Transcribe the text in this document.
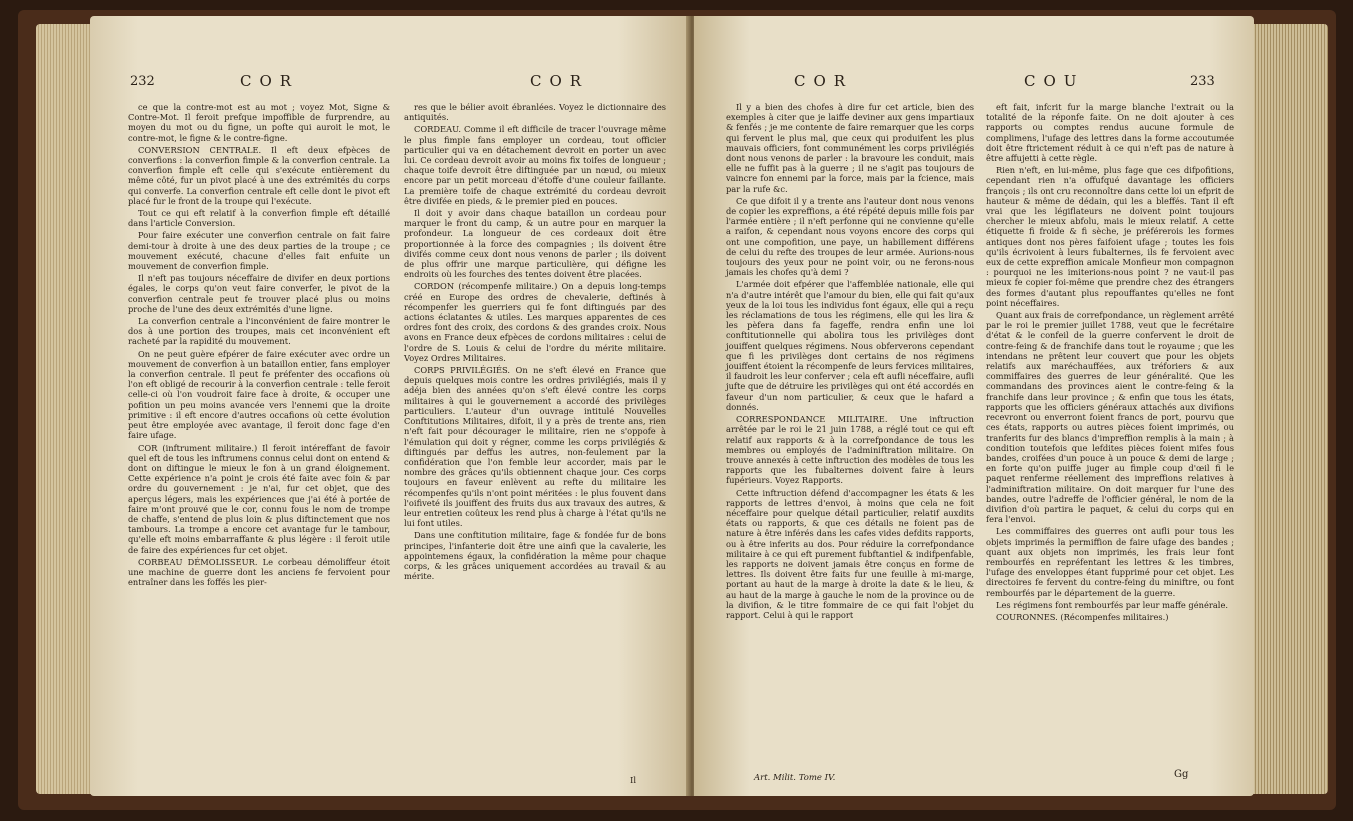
232	COR	COR

ce que la contre-mot est au mot ; voyez Mot, Signe & Contre-Mot. Il feroit prefque impoffible de furprendre, au moyen du mot ou du figne, un pofte qui auroit le mot, le contre-mot, le figne & le contre-figne.

CONVERSION CENTRALE. Il eft deux efpèces de converfions : la converfion fimple & la converfion centrale. La converfion fimple eft celle qui s'exécute entièrement du même côté, fur un pivot placé à une des extrémités du corps qui converfe. La converfion centrale eft celle dont le pivot eft placé fur le front de la troupe qui l'exécute.

Tout ce qui eft relatif à la converfion fimple eft détaillé dans l'article Conversion.

Pour faire exécuter une converfion centrale on fait faire demi-tour à droite à une des deux parties de la troupe ; ce mouvement exécuté, chacune d'elles fait enfuite un mouvement de converfion fimple.

Il n'eft pas toujours néceffaire de divifer en deux portions égales, le corps qu'on veut faire converfer, le pivot de la converfion centrale peut fe trouver placé plus ou moins proche de l'une des deux extrémités d'une ligne.

La converfion centrale a l'inconvénient de faire montrer le dos à une portion des troupes, mais cet inconvénient eft racheté par la rapidité du mouvement.

On ne peut guère efpérer de faire exécuter avec ordre un mouvement de converfion à un bataillon entier, fans employer la converfion centrale. Il peut fe préfenter des occafions où l'on eft obligé de recourir à la converfion centrale : telle feroit celle-ci où l'on voudroit faire face à droite, & occuper une pofition un peu moins avancée vers l'ennemi que la droite primitive : il eft encore d'autres occafions où cette évolution peut être employée avec avantage, il feroit donc fage d'en faire ufage.

COR (inftrument militaire.) Il feroit intéreffant de favoir quel eft de tous les inftrumens connus celui dont on entend & dont on diftingue le mieux le fon à un grand éloignement. Cette expérience n'a point je crois été faite avec foin & par ordre du gouvernement : je n'ai, fur cet objet, que des aperçus légers, mais les expériences que j'ai été à portée de faire m'ont prouvé que le cor, connu fous le nom de trompe de chaffe, s'entend de plus loin & plus diftinctement que nos tambours. La trompe a encore cet avantage fur le tambour, qu'elle eft moins embarraffante & plus légère : il feroit utile de faire des expériences fur cet objet.

CORBEAU DÉMOLISSEUR. Le corbeau démoliffeur étoit une machine de guerre dont les anciens fe fervoient pour entraîner dans les foffés les pier-

res que le bélier avoit ébranlées. Voyez le dictionnaire des antiquités.

CORDEAU. Comme il eft difficile de tracer l'ouvrage même le plus fimple fans employer un cordeau, tout officier particulier qui va en détachement devroit en porter un avec lui. Ce cordeau devroit avoir au moins fix toifes de longueur ; chaque toife devroit être diftinguée par un nœud, ou mieux encore par un petit morceau d'étoffe d'une couleur faillante. La première toife de chaque extrémité du cordeau devroit être divifée en pieds, & le premier pied en pouces.

Il doit y avoir dans chaque bataillon un cordeau pour marquer le front du camp, & un autre pour en marquer la profondeur. La longueur de ces cordeaux doit être proportionnée à la force des compagnies ; ils doivent être divifés comme ceux dont nous venons de parler ; ils doivent de plus offrir une marque particulière, qui défigne les endroits où les fourches des tentes doivent être placées.

CORDON (récompenfe militaire.) On a depuis long-temps créé en Europe des ordres de chevalerie, deftinés à récompenfer les guerriers qui fe font diftingués par des actions éclatantes & utiles. Les marques apparentes de ces ordres font des croix, des cordons & des grandes croix. Nous avons en France deux efpèces de cordons militaires : celui de l'ordre de S. Louis & celui de l'ordre du mérite militaire. Voyez Ordres Militaires.

CORPS PRIVILÉGIÉS. On ne s'eft élevé en France que depuis quelques mois contre les ordres privilégiés, mais il y adéja bien des années qu'on s'eft élevé contre les corps militaires à qui le gouvernement a accordé des privilèges particuliers. L'auteur d'un ouvrage intitulé Nouvelles Conftitutions Militaires, difoit, il y a près de trente ans, rien n'eft fait pour décourager le militaire, rien ne s'oppofe à l'émulation qui doit y régner, comme les corps privilégiés & diftingués par deffus les autres, non-feulement par la confidération que l'on femble leur accorder, mais par le nombre des grâces qu'ils obtiennent chaque jour. Ces corps toujours en faveur enlèvent au refte du militaire les récompenfes qu'ils n'ont point méritées : le plus fouvent dans l'oifiveté ils jouiffent des fruits dus aux travaux des autres, & leur entretien coûteux les rend plus à charge à l'état qu'ils ne lui font utiles.

Dans une conftitution militaire, fage & fondée fur de bons principes, l'infanterie doit être une ainfi que la cavalerie, les appointemens égaux, la confidération la même pour chaque corps, & les grâces uniquement accordées au travail & au mérite.

Il
COR	COU	233

Il y a bien des chofes à dire fur cet article, bien des exemples à citer que je laiffe deviner aux gens impartiaux & fenfés ; je me contente de faire remarquer que les corps qui fervent le plus mal, que ceux qui produifent les plus mauvais officiers, font communément les corps privilégiés dont nous venons de parler : la bravoure les conduit, mais elle ne fuffit pas à la guerre ; il ne s'agit pas toujours de vaincre fon ennemi par la force, mais par la fcience, mais par la rufe &c.

Ce que difoit il y a trente ans l'auteur dont nous venons de copier les expreffions, a été répété depuis mille fois par l'armée entière ; il n'eft perfonne qui ne convienne qu'elle a raifon, & cependant nous voyons encore des corps qui ont une compofition, une paye, un habillement différens de celui du refte des troupes de leur armée. Aurions-nous toujours des yeux pour ne point voir, ou ne ferons-nous jamais les chofes qu'à demi ?

L'armée doit efpérer que l'affemblée nationale, elle qui n'a d'autre intérêt que l'amour du bien, elle qui fait qu'aux yeux de la loi tous les individus font égaux, elle qui a reçu les réclamations de tous les régimens, elle qui les lira & les pèfera dans fa fageffe, rendra enfin une loi conftitutionnelle qui abolira tous les privilèges dont jouiffent quelques régimens. Nous obferverons cependant que fi les privilèges dont certains de nos régimens jouiffent étoient la récompenfe de leurs fervices militaires, il faudroit les leur conferver ; cela eft aufli néceffaire, aufli jufte que de détruire les privilèges qui ont été accordés en faveur d'un nom particulier, & ceux que le hafard a donnés.

CORRESPONDANCE MILITAIRE. Une inftruction arrêtée par le roi le 21 juin 1788, a réglé tout ce qui eft relatif aux rapports & à la correfpondance de tous les membres ou employés de l'adminiftration militaire. On trouve annexés à cette inftruction des modèles de tous les rapports que les fubalternes doivent faire à leurs fupérieurs. Voyez Rapports.

Cette inftruction défend d'accompagner les états & les rapports de lettres d'envoi, à moins que cela ne foit néceffaire pour quelque détail particulier, relatif auxdits états ou rapports, & que ces détails ne foient pas de nature à être inférés dans les cafes vides defdits rapports, ou à être inferits au dos. Pour réduire la correfpondance militaire à ce qui eft purement fubftantiel & indifpenfable, les rapports ne doivent jamais être conçus en forme de lettres. Ils doivent être faits fur une feuille à mi-marge, portant au haut de la marge à droite la date & le lieu, & au haut de la marge à gauche le nom de la province ou de la divifion, & le titre fommaire de ce qui fait l'objet du rapport. Celui à qui le rapport

eft fait, infcrit fur la marge blanche l'extrait ou la totalité de la réponfe faite. On ne doit ajouter à ces rapports ou comptes rendus aucune formule de complimens, l'ufage des lettres dans la forme accoutumée doit être ftrictement réduit à ce qui n'eft pas de nature à être affujetti à cette règle.

Rien n'eft, en lui-même, plus fage que ces difpofitions, cependant rien n'a offufqué davantage les officiers françois ; ils ont cru reconnoître dans cette loi un efprit de hauteur & même de dédain, qui les a bleffés. Tant il eft vrai que les légiflateurs ne doivent point toujours chercher le mieux abfolu, mais le mieux relatif. A cette étiquette fi froide & fi sèche, je préférerois les formes antiques dont nos pères faifoient ufage ; toutes les fois qu'ils écrivoient à leurs fubalternes, ils fe fervoient avec eux de cette expreffion amicale Monfieur mon compagnon : pourquoi ne les imiterions-nous point ? ne vaut-il pas mieux fe copier foi-même que prendre chez des étrangers des formes d'autant plus repouffantes qu'elles ne font point néceffaires.

Quant aux frais de correfpondance, un règlement arrêté par le roi le premier juillet 1788, veut que le fecrétaire d'état & le confeil de la guerre confervent le droit de contre-feing & de franchife dans tout le royaume ; que les intendans ne prêtent leur couvert que pour les objets relatifs aux maréchauffées, aux tréforiers & aux commiffaires des guerres de leur généralité. Que les commandans des provinces aient le contre-feing & la franchife dans leur province ; & enfin que tous les états, rapports que les officiers généraux attachés aux divifions recevront ou enverront foient francs de port, pourvu que ces états, rapports ou autres pièces foient imprimés, ou tranferits fur des blancs d'impreffion remplis à la main ; à condition toutefois que lefdites pièces foient mifes fous bandes, croifées d'un pouce à un pouce & demi de large ; en forte qu'on puiffe juger au fimple coup d'œil fi le paquet renferme réellement des impreffions relatives à l'adminiftration militaire. On doit marquer fur l'une des bandes, outre l'adreffe de l'officier général, le nom de la divifion d'où partira le paquet, & celui du corps qui en fera l'envoi.

Les commiffaires des guerres ont aufli pour tous les objets imprimés la permiffion de faire ufage des bandes ; quant aux objets non imprimés, les frais leur font rembourfés en repréfentant les lettres & les timbres, l'ufage des enveloppes étant fupprimé pour cet objet. Les directoires fe fervent du contre-feing du miniftre, ou font rembourfés par le département de la guerre.

Les régimens font rembourfés par leur maffe générale.

COURONNES. (Récompenfes militaires.)

Art. Milit. Tome IV.	Gg
